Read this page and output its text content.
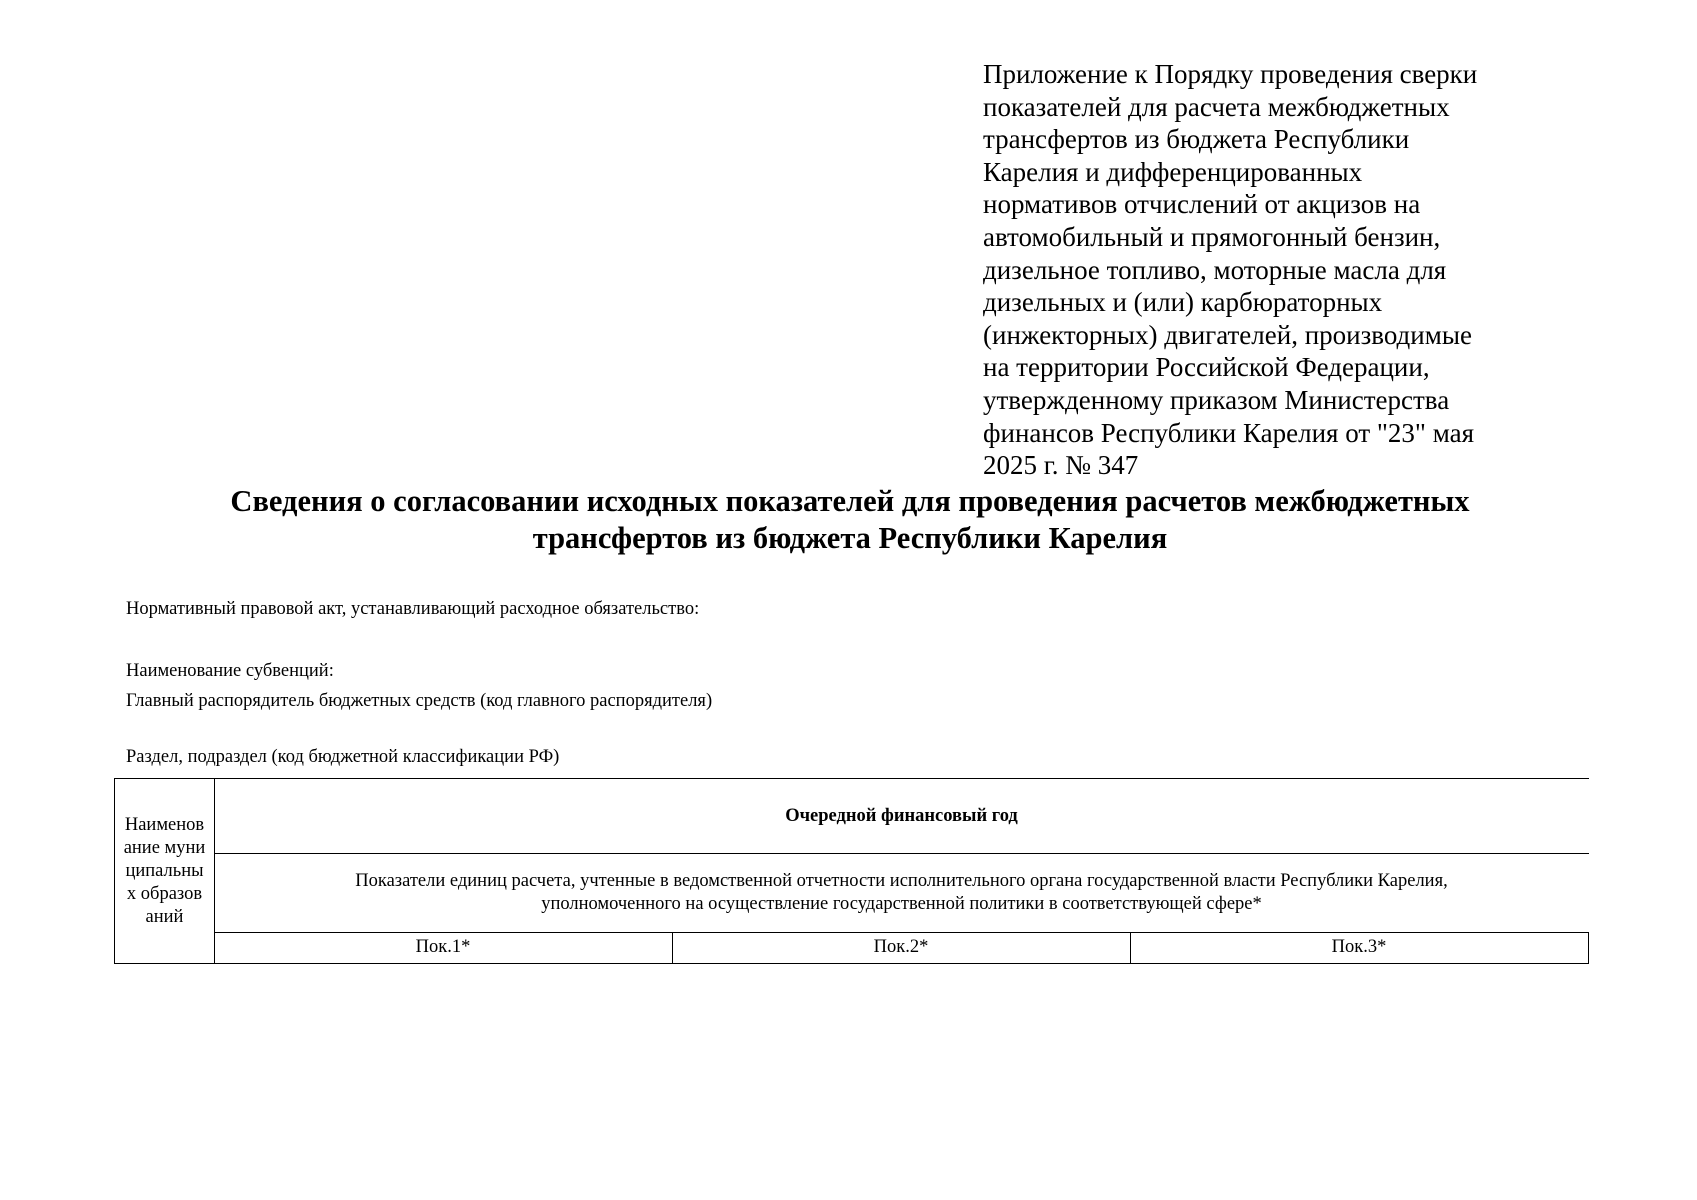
Приложение к Порядку проведения сверки
показателей для расчета межбюджетных
трансфертов из бюджета Республики
Карелия и дифференцированных
нормативов отчислений от акцизов на
автомобильный и прямогонный бензин,
дизельное топливо, моторные масла для
дизельных и (или) карбюраторных
(инжекторных) двигателей, производимые
на территории Российской Федерации,
утвержденному приказом Министерства
финансов Республики Карелия от "23" мая
2025 г. № 347
Сведения о согласовании исходных показателей для проведения расчетов межбюджетных
трансфертов из бюджета Республики Карелия
Нормативный правовой акт, устанавливающий расходное обязательство:
Наименование субвенций:
Главный распорядитель бюджетных средств (код главного распорядителя)
Раздел, подраздел (код бюджетной классификации РФ)
Наименование муниципальных образований
Очередной финансовый год
Показатели единиц расчета, учтенные в ведомственной отчетности исполнительного органа государственной власти Республики Карелия,
уполномоченного на осуществление государственной политики в соответствующей сфере*
Пок.1*	Пок.2*	Пок.3*
